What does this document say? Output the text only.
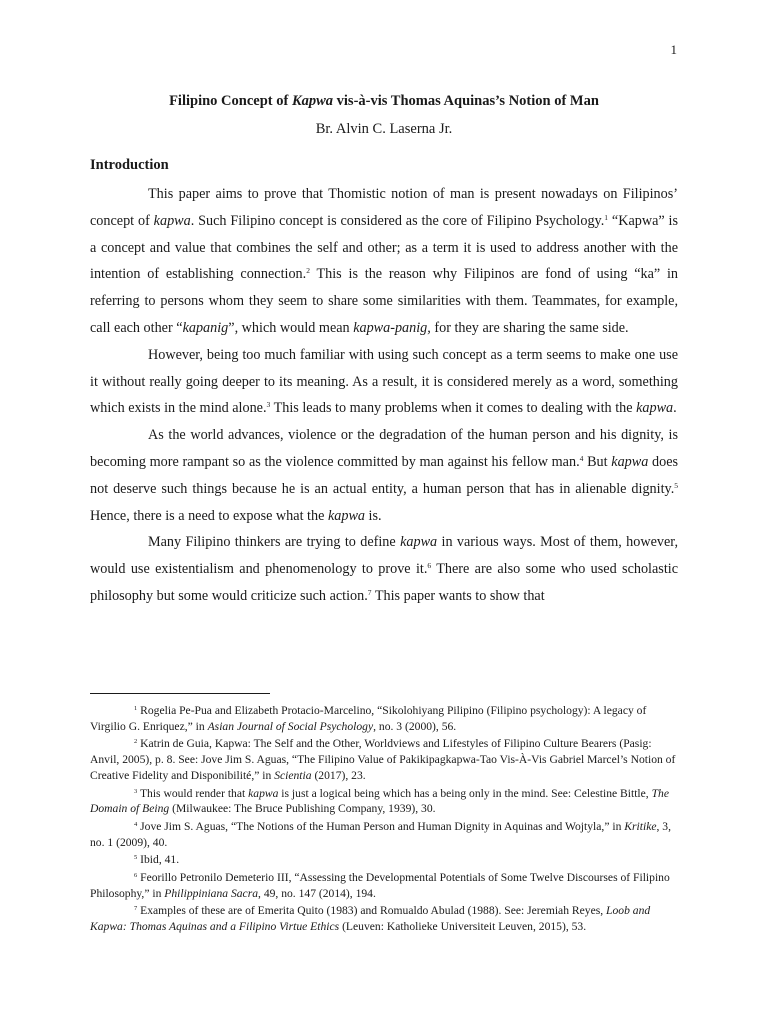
1
Filipino Concept of Kapwa vis-à-vis Thomas Aquinas’s Notion of Man
Br. Alvin C. Laserna Jr.
Introduction

This paper aims to prove that Thomistic notion of man is present nowadays on Filipinos’ concept of kapwa. Such Filipino concept is considered as the core of Filipino Psychology.$^1$ “Kapwa” is a concept and value that combines the self and other; as a term it is used to address another with the intention of establishing connection.$^2$ This is the reason why Filipinos are fond of using “ka” in referring to persons whom they seem to share some similarities with them. Teammates, for example, call each other “kapanig”, which would mean kapwa-panig, for they are sharing the same side.

However, being too much familiar with using such concept as a term seems to make one use it without really going deeper to its meaning. As a result, it is considered merely as a word, something which exists in the mind alone.$^3$ This leads to many problems when it comes to dealing with the kapwa.

As the world advances, violence or the degradation of the human person and his dignity, is becoming more rampant so as the violence committed by man against his fellow man.$^4$ But kapwa does not deserve such things because he is an actual entity, a human person that has in alienable dignity.$^5$ Hence, there is a need to expose what the kapwa is.

Many Filipino thinkers are trying to define kapwa in various ways. Most of them, however, would use existentialism and phenomenology to prove it.$^6$ There are also some who used scholastic philosophy but some would criticize such action.$^7$ This paper wants to show that

$^1$ Rogelia Pe-Pua and Elizabeth Protacio-Marcelino, “Sikolohiyang Pilipino (Filipino psychology): A legacy of Virgilio G. Enriquez,” in Asian Journal of Social Psychology, no. 3 (2000), 56.

$^2$ Katrin de Guia, Kapwa: The Self and the Other, Worldviews and Lifestyles of Filipino Culture Bearers (Pasig: Anvil, 2005), p. 8. See: Jove Jim S. Aguas, “The Filipino Value of Pakikipagkapwa-Tao Vis-À-Vis Gabriel Marcel’s Notion of Creative Fidelity and Disponibilité,” in Scientia (2017), 23.

$^3$ This would render that kapwa is just a logical being which has a being only in the mind. See: Celestine Bittle, The Domain of Being (Milwaukee: The Bruce Publishing Company, 1939), 30.

$^4$ Jove Jim S. Aguas, “The Notions of the Human Person and Human Dignity in Aquinas and Wojtyla,” in Kritike, 3, no. 1 (2009), 40.

$^5$ Ibid, 41.

$^6$ Feorillo Petronilo Demeterio III, “Assessing the Developmental Potentials of Some Twelve Discourses of Filipino Philosophy,” in Philippiniana Sacra, 49, no. 147 (2014), 194.

$^7$ Examples of these are of Emerita Quito (1983) and Romualdo Abulad (1988). See: Jeremiah Reyes, Loob and Kapwa: Thomas Aquinas and a Filipino Virtue Ethics (Leuven: Katholieke Universiteit Leuven, 2015), 53.
